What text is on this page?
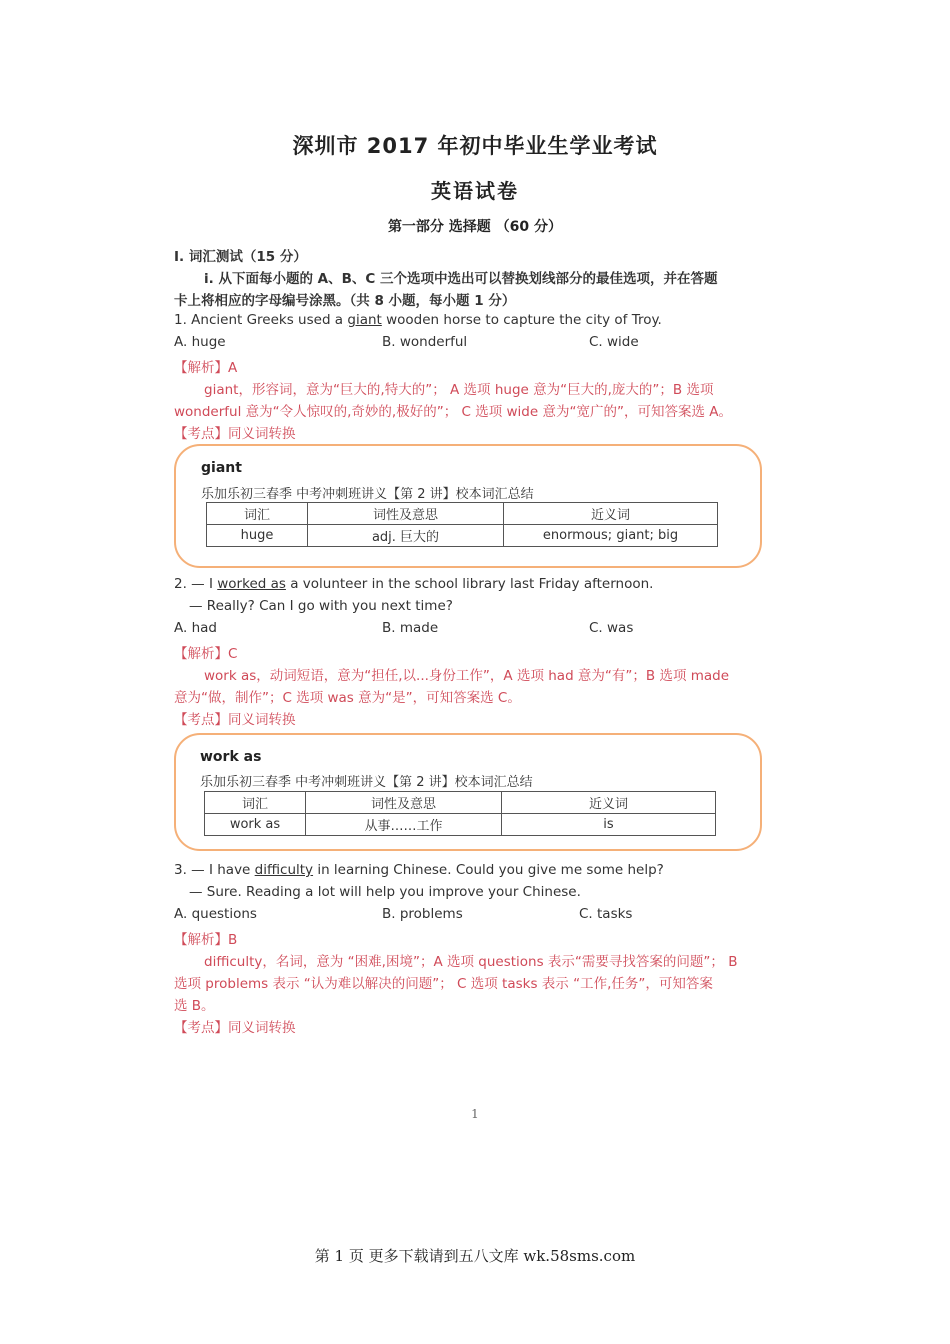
深圳市 2017 年初中毕业生学业考试
英语试卷
第一部分 选择题 （60 分）
I. 词汇测试（15 分）
i. 从下面每小题的 A、B、C 三个选项中选出可以替换划线部分的最佳选项，并在答题
卡上将相应的字母编号涂黑。（共 8 小题，每小题 1 分）
1. Ancient Greeks used a giant wooden horse to capture the city of Troy.
A. huge	B. wonderful	C. wide
【解析】A
giant，形容词，意为“巨大的,特大的”； A 选项 huge 意为“巨大的,庞大的”；B 选项
wonderful 意为“令人惊叹的,奇妙的,极好的”； C 选项 wide 意为“宽广的”，可知答案选 A。
【考点】同义词转换
giant
乐加乐初三春季 中考冲刺班讲义【第 2 讲】校本词汇总结
词汇	词性及意思	近义词
huge	adj. 巨大的	enormous; giant; big
2. — I worked as a volunteer in the school library last Friday afternoon.
— Really? Can I go with you next time?
A. had	B. made	C. was
【解析】C
work as，动词短语，意为“担任,以...身份工作”，A 选项 had 意为“有”；B 选项 made
意为“做，制作”；C 选项 was 意为“是”，可知答案选 C。
【考点】同义词转换
work as
乐加乐初三春季 中考冲刺班讲义【第 2 讲】校本词汇总结
词汇	词性及意思	近义词
work as	从事……工作	is
3. — I have difficulty in learning Chinese. Could you give me some help?
— Sure. Reading a lot will help you improve your Chinese.
A. questions	B. problems	C. tasks
【解析】B
difficulty，名词，意为 “困难,困境”；A 选项 questions 表示“需要寻找答案的问题”； B
选项 problems 表示 “认为难以解决的问题”； C 选项 tasks 表示 “工作,任务”，可知答案
选 B。
【考点】同义词转换
1
第 1 页 更多下载请到五八文库 wk.58sms.com
